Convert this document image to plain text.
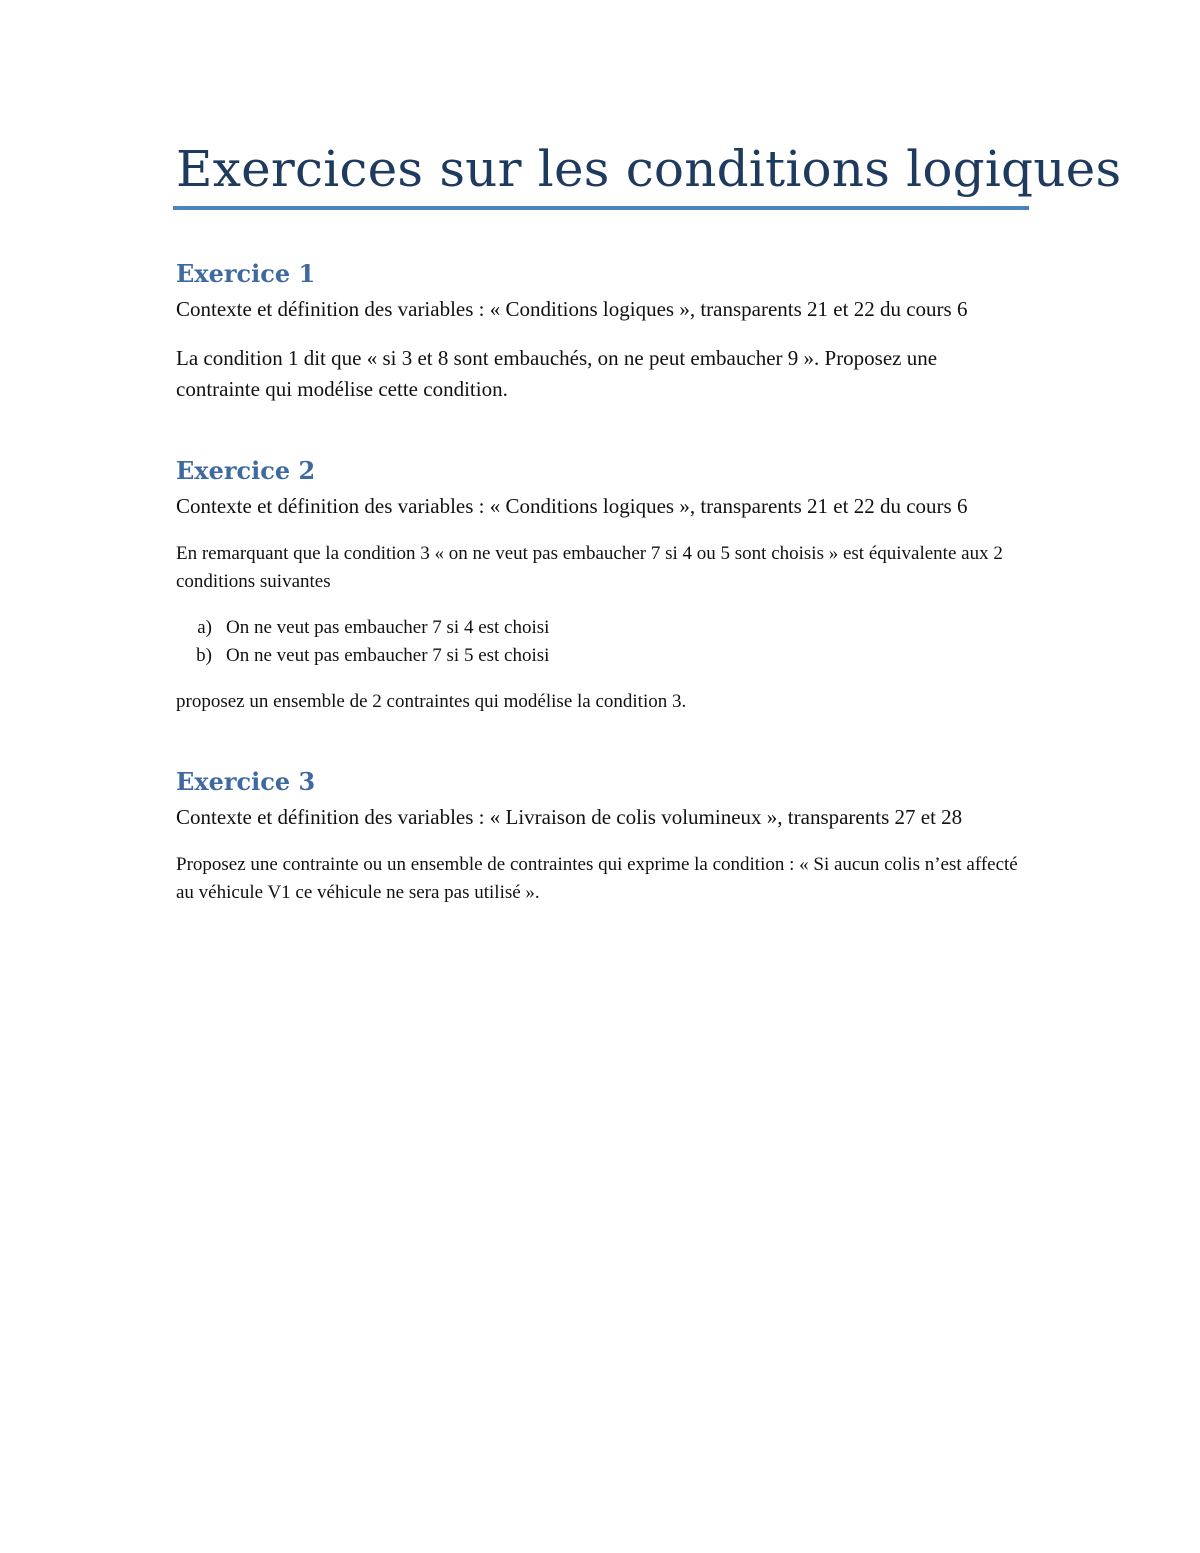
Exercices sur les conditions logiques
Exercice 1

Contexte et définition des variables : « Conditions logiques », transparents 21 et 22 du cours 6

La condition 1 dit que « si 3 et 8 sont embauchés, on ne peut embaucher 9 ». Proposez une contrainte qui modélise cette condition.

Exercice 2

Contexte et définition des variables : « Conditions logiques », transparents 21 et 22 du cours 6

En remarquant que la condition 3 « on ne veut pas embaucher 7 si 4 ou 5 sont choisis » est équivalente aux 2 conditions suivantes

a) On ne veut pas embaucher 7 si 4 est choisi
b) On ne veut pas embaucher 7 si 5 est choisi

proposez un ensemble de 2 contraintes qui modélise la condition 3.

Exercice 3

Contexte et définition des variables : « Livraison de colis volumineux », transparents 27 et 28

Proposez une contrainte ou un ensemble de contraintes qui exprime la condition : « Si aucun colis n’est affecté au véhicule V1 ce véhicule ne sera pas utilisé ».
